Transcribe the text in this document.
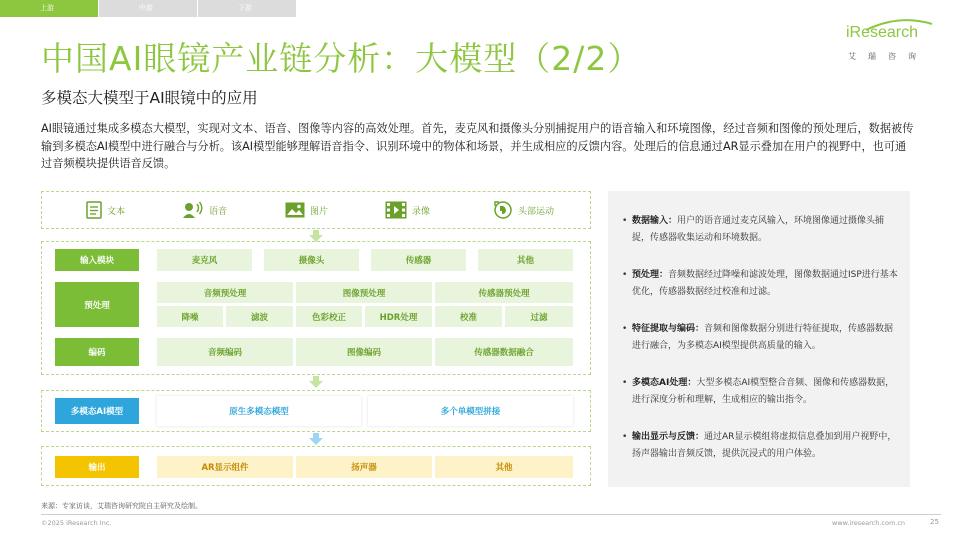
上游	中游	下游
iResearch
艾瑞咨询
中国AI眼镜产业链分析：大模型（2/2）
多模态大模型于AI眼镜中的应用
AI眼镜通过集成多模态大模型，实现对文本、语音、图像等内容的高效处理。首先，麦克风和摄像头分别捕捉用户的语音输入和环境图像，经过音频和图像的预处理后，数据被传输到多模态AI模型中进行融合与分析。该AI模型能够理解语音指令、识别环境中的物体和场景，并生成相应的反馈内容。处理后的信息通过AR显示叠加在用户的视野中，也可通过音频模块提供语音反馈。
文本	语音	图片	录像	头部运动
输入模块	麦克风	摄像头	传感器	其他
预处理
音频预处理	图像预处理	传感器预处理
降噪	滤波	色彩校正	HDR处理	校准	过滤
编码	音频编码	图像编码	传感器数据融合
多模态AI模型	原生多模态模型	多个单模型拼接
输出	AR显示组件	扬声器	其他
• 数据输入：用户的语音通过麦克风输入，环境图像通过摄像头捕捉，传感器收集运动和环境数据。
• 预处理：音频数据经过降噪和滤波处理，图像数据通过ISP进行基本优化，传感器数据经过校准和过滤。
• 特征提取与编码：音频和图像数据分别进行特征提取，传感器数据进行融合，为多模态AI模型提供高质量的输入。
• 多模态AI处理：大型多模态AI模型整合音频、图像和传感器数据，进行深度分析和理解，生成相应的输出指令。
• 输出显示与反馈：通过AR显示模组将虚拟信息叠加到用户视野中，扬声器输出音频反馈，提供沉浸式的用户体验。
来源：专家访谈，艾瑞咨询研究院自主研究及绘制。
©2025 iResearch Inc.	www.iresearch.com.cn	25
